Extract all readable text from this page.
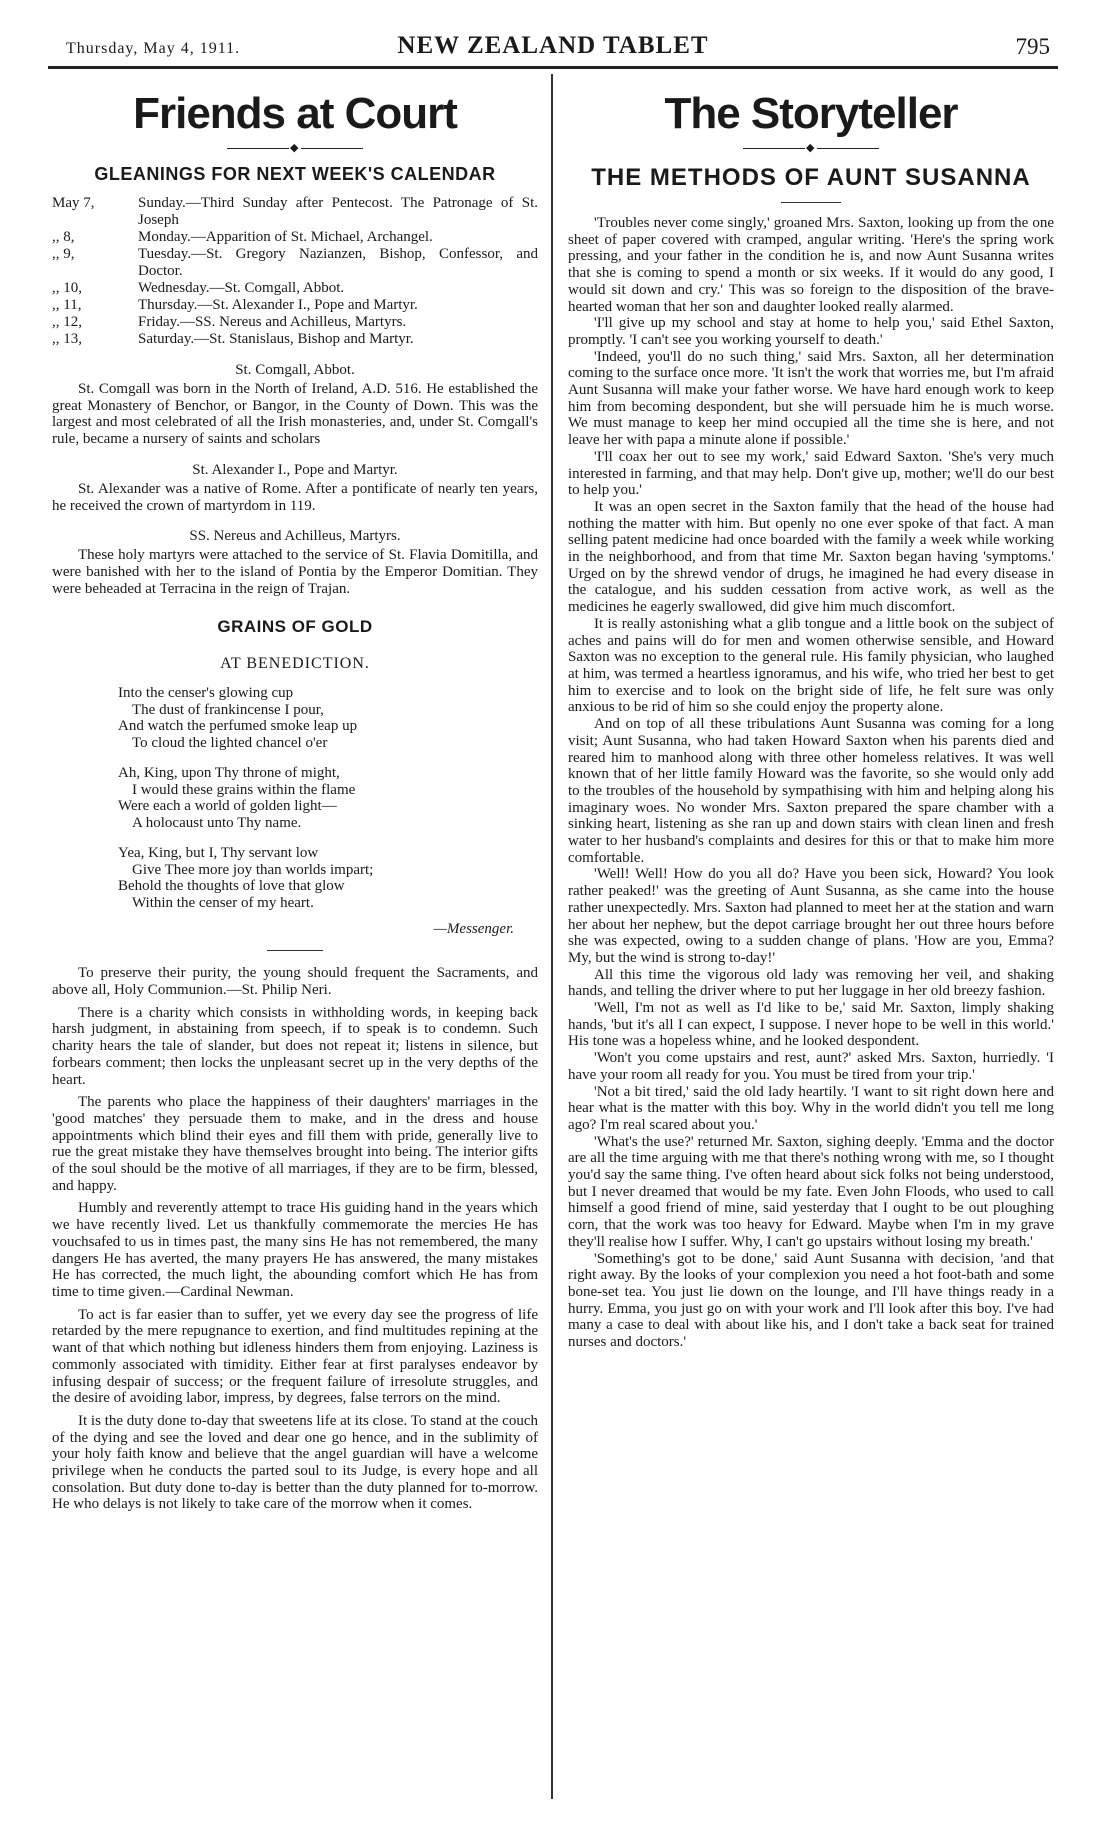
Thursday, May 4, 1911.	NEW ZEALAND TABLET	795
Friends at Court
◆
GLEANINGS FOR NEXT WEEK'S CALENDAR
May 7,	Sunday.—Third Sunday after Pentecost. The Patronage of St. Joseph
,, 8,	Monday.—Apparition of St. Michael, Archangel.
,, 9,	Tuesday.—St. Gregory Nazianzen, Bishop, Confessor, and Doctor.
,, 10,	Wednesday.—St. Comgall, Abbot.
,, 11,	Thursday.—St. Alexander I., Pope and Martyr.
,, 12,	Friday.—SS. Nereus and Achilleus, Martyrs.
,, 13,	Saturday.—St. Stanislaus, Bishop and Martyr.
St. Comgall, Abbot.

St. Comgall was born in the North of Ireland, A.D. 516. He established the great Monastery of Benchor, or Bangor, in the County of Down. This was the largest and most celebrated of all the Irish monasteries, and, under St. Comgall's rule, became a nursery of saints and scholars

St. Alexander I., Pope and Martyr.

St. Alexander was a native of Rome. After a pontificate of nearly ten years, he received the crown of martyrdom in 119.

SS. Nereus and Achilleus, Martyrs.

These holy martyrs were attached to the service of St. Flavia Domitilla, and were banished with her to the island of Pontia by the Emperor Domitian. They were beheaded at Terracina in the reign of Trajan.

GRAINS OF GOLD
AT BENEDICTION.
Into the censer's glowing cup
The dust of frankincense I pour,
And watch the perfumed smoke leap up
To cloud the lighted chancel o'er
Ah, King, upon Thy throne of might,
I would these grains within the flame
Were each a world of golden light—
A holocaust unto Thy name.
Yea, King, but I, Thy servant low
Give Thee more joy than worlds impart;
Behold the thoughts of love that glow
Within the censer of my heart.
—Messenger.

To preserve their purity, the young should frequent the Sacraments, and above all, Holy Communion.—St. Philip Neri.

There is a charity which consists in withholding words, in keeping back harsh judgment, in abstaining from speech, if to speak is to condemn. Such charity hears the tale of slander, but does not repeat it; listens in silence, but forbears comment; then locks the unpleasant secret up in the very depths of the heart.

The parents who place the happiness of their daughters' marriages in the 'good matches' they persuade them to make, and in the dress and house appointments which blind their eyes and fill them with pride, generally live to rue the great mistake they have themselves brought into being. The interior gifts of the soul should be the motive of all marriages, if they are to be firm, blessed, and happy.

Humbly and reverently attempt to trace His guiding hand in the years which we have recently lived. Let us thankfully commemorate the mercies He has vouchsafed to us in times past, the many sins He has not remembered, the many dangers He has averted, the many prayers He has answered, the many mistakes He has corrected, the much light, the abounding comfort which He has from time to time given.—Cardinal Newman.

To act is far easier than to suffer, yet we every day see the progress of life retarded by the mere repugnance to exertion, and find multitudes repining at the want of that which nothing but idleness hinders them from enjoying. Laziness is commonly associated with timidity. Either fear at first paralyses endeavor by infusing despair of success; or the frequent failure of irresolute struggles, and the desire of avoiding labor, impress, by degrees, false terrors on the mind.

It is the duty done to-day that sweetens life at its close. To stand at the couch of the dying and see the loved and dear one go hence, and in the sublimity of your holy faith know and believe that the angel guardian will have a welcome privilege when he conducts the parted soul to its Judge, is every hope and all consolation. But duty done to-day is better than the duty planned for to-morrow. He who delays is not likely to take care of the morrow when it comes.

The Storyteller
◆
THE METHODS OF AUNT SUSANNA

'Troubles never come singly,' groaned Mrs. Saxton, looking up from the one sheet of paper covered with cramped, angular writing. 'Here's the spring work pressing, and your father in the condition he is, and now Aunt Susanna writes that she is coming to spend a month or six weeks. If it would do any good, I would sit down and cry.' This was so foreign to the disposition of the brave-hearted woman that her son and daughter looked really alarmed.

'I'll give up my school and stay at home to help you,' said Ethel Saxton, promptly. 'I can't see you working yourself to death.'

'Indeed, you'll do no such thing,' said Mrs. Saxton, all her determination coming to the surface once more. 'It isn't the work that worries me, but I'm afraid Aunt Susanna will make your father worse. We have hard enough work to keep him from becoming despondent, but she will persuade him he is much worse. We must manage to keep her mind occupied all the time she is here, and not leave her with papa a minute alone if possible.'

'I'll coax her out to see my work,' said Edward Saxton. 'She's very much interested in farming, and that may help. Don't give up, mother; we'll do our best to help you.'

It was an open secret in the Saxton family that the head of the house had nothing the matter with him. But openly no one ever spoke of that fact. A man selling patent medicine had once boarded with the family a week while working in the neighborhood, and from that time Mr. Saxton began having 'symptoms.' Urged on by the shrewd vendor of drugs, he imagined he had every disease in the catalogue, and his sudden cessation from active work, as well as the medicines he eagerly swallowed, did give him much discomfort.

It is really astonishing what a glib tongue and a little book on the subject of aches and pains will do for men and women otherwise sensible, and Howard Saxton was no exception to the general rule. His family physician, who laughed at him, was termed a heartless ignoramus, and his wife, who tried her best to get him to exercise and to look on the bright side of life, he felt sure was only anxious to be rid of him so she could enjoy the property alone.

And on top of all these tribulations Aunt Susanna was coming for a long visit; Aunt Susanna, who had taken Howard Saxton when his parents died and reared him to manhood along with three other homeless relatives. It was well known that of her little family Howard was the favorite, so she would only add to the troubles of the household by sympathising with him and helping along his imaginary woes. No wonder Mrs. Saxton prepared the spare chamber with a sinking heart, listening as she ran up and down stairs with clean linen and fresh water to her husband's complaints and desires for this or that to make him more comfortable.

'Well! Well! How do you all do? Have you been sick, Howard? You look rather peaked!' was the greeting of Aunt Susanna, as she came into the house rather unexpectedly. Mrs. Saxton had planned to meet her at the station and warn her about her nephew, but the depot carriage brought her out three hours before she was expected, owing to a sudden change of plans. 'How are you, Emma? My, but the wind is strong to-day!'

All this time the vigorous old lady was removing her veil, and shaking hands, and telling the driver where to put her luggage in her old breezy fashion.

'Well, I'm not as well as I'd like to be,' said Mr. Saxton, limply shaking hands, 'but it's all I can expect, I suppose. I never hope to be well in this world.' His tone was a hopeless whine, and he looked despondent.

'Won't you come upstairs and rest, aunt?' asked Mrs. Saxton, hurriedly. 'I have your room all ready for you. You must be tired from your trip.'

'Not a bit tired,' said the old lady heartily. 'I want to sit right down here and hear what is the matter with this boy. Why in the world didn't you tell me long ago? I'm real scared about you.'

'What's the use?' returned Mr. Saxton, sighing deeply. 'Emma and the doctor are all the time arguing with me that there's nothing wrong with me, so I thought you'd say the same thing. I've often heard about sick folks not being understood, but I never dreamed that would be my fate. Even John Floods, who used to call himself a good friend of mine, said yesterday that I ought to be out ploughing corn, that the work was too heavy for Edward. Maybe when I'm in my grave they'll realise how I suffer. Why, I can't go upstairs without losing my breath.'

'Something's got to be done,' said Aunt Susanna with decision, 'and that right away. By the looks of your complexion you need a hot foot-bath and some bone-set tea. You just lie down on the lounge, and I'll have things ready in a hurry. Emma, you just go on with your work and I'll look after this boy. I've had many a case to deal with about like his, and I don't take a back seat for trained nurses and doctors.'
